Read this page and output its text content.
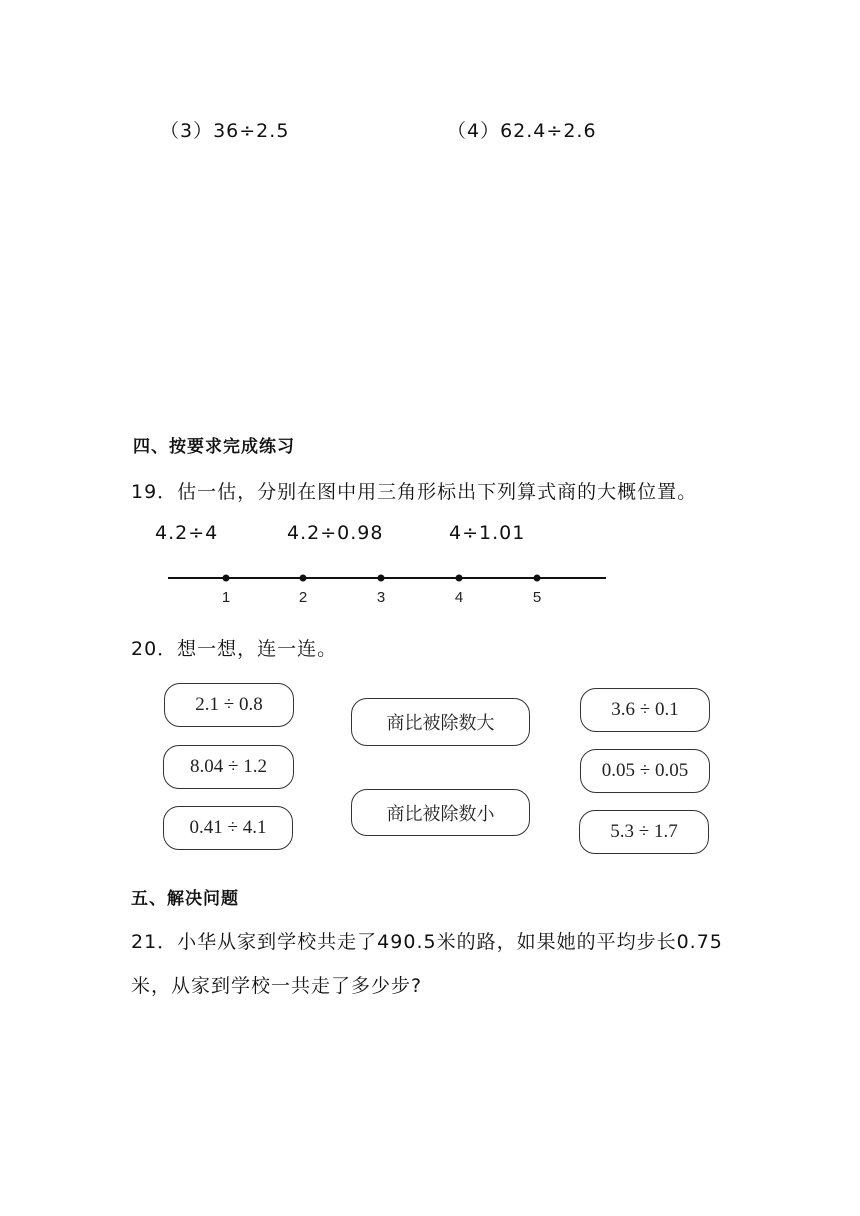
（3）36÷2.5	（4）62.4÷2.6
四、按要求完成练习
19．估一估，分别在图中用三角形标出下列算式商的大概位置。
4.2÷4	4.2÷0.98	4÷1.01
1	2	3	4	5
20．想一想，连一连。
2.1 ÷ 0.8
8.04 ÷ 1.2
0.41 ÷ 4.1
商比被除数大
商比被除数小
3.6 ÷ 0.1
0.05 ÷ 0.05
5.3 ÷ 1.7
五、解决问题
21．小华从家到学校共走了490.5米的路，如果她的平均步长0.75
米，从家到学校一共走了多少步?
